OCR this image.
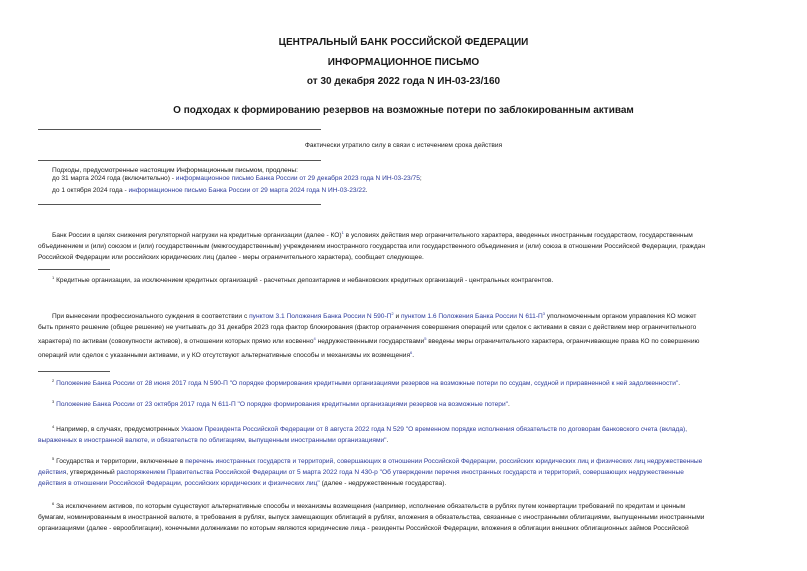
ЦЕНТРАЛЬНЫЙ БАНК РОССИЙСКОЙ ФЕДЕРАЦИИ
ИНФОРМАЦИОННОЕ ПИСЬМО
от 30 декабря 2022 года N ИН-03-23/160
О подходах к формированию резервов на возможные потери по заблокированным активам
Фактически утратило силу в связи с истечением срока действия
Подходы, предусмотренные настоящим Информационным письмом, продлены:
до 31 марта 2024 года (включительно) - информационное письмо Банка России от 29 декабря 2023 года N ИН-03-23/75;
до 1 октября 2024 года - информационное письмо Банка России от 29 марта 2024 года N ИН-03-23/22.
Банк России в целях снижения регуляторной нагрузки на кредитные организации (далее - КО)$^1$ в условиях действия мер ограничительного характера, введенных иностранным государством, государственным
объединением и (или) союзом и (или) государственным (межгосударственным) учреждением иностранного государства или государственного объединения и (или) союза в отношении Российской Федерации, граждан
Российской Федерации или российских юридических лиц (далее - меры ограничительного характера), сообщает следующее.
$^1$ Кредитные организации, за исключением кредитных организаций - расчетных депозитариев и небанковских кредитных организаций - центральных контрагентов.
При вынесении профессионального суждения в соответствии с пунктом 3.1 Положения Банка России N $590-П^2$ и пунктом 1.6 Положения Банка России N $611-П^3$ уполномоченным органом управления КО может
быть принято решение (общее решение) не учитывать до 31 декабря 2023 года фактор блокирования (фактор ограничения совершения операций или сделок с активами в связи с действием мер ограничительного
характера) по активам (совокупности активов), в отношении которых прямо или косвенно$^4$ недружественными государствами$^5$ введены меры ограничительного характера, ограничивающие права КО по совершению
операций или сделок с указанными активами, и у КО отсутствуют альтернативные способы и механизмы их возмещения$^6$.
$^2$ Положение Банка России от 28 июня 2017 года N 590-П "О порядке формирования кредитными организациями резервов на возможные потери по ссудам, ссудной и приравненной к ней задолженности".
$^3$ Положение Банка России от 23 октября 2017 года N 611-П "О порядке формирования кредитными организациями резервов на возможные потери".
$^4$ Например, в случаях, предусмотренных Указом Президента Российской Федерации от 8 августа 2022 года N 529 "О временном порядке исполнения обязательств по договорам банковского счета (вклада),
выраженных в иностранной валюте, и обязательств по облигациям, выпущенным иностранными организациями".
$^5$ Государства и территории, включенные в перечень иностранных государств и территорий, совершающих в отношении Российской Федерации, российских юридических лиц и физических лиц недружественные
действия, утвержденный распоряжением Правительства Российской Федерации от 5 марта 2022 года N 430-р "Об утверждении перечня иностранных государств и территорий, совершающих недружественные
действия в отношении Российской Федерации, российских юридических и физических лиц" (далее - недружественные государства).
$^6$ За исключением активов, по которым существуют альтернативные способы и механизмы возмещения (например, исполнение обязательств в рублях путем конвертации требований по кредитам и ценным
бумагам, номинированным в иностранной валюте, в требования в рублях, выпуск замещающих облигаций в рублях, вложения в обязательства, связанные с иностранными облигациями, выпущенными иностранными
организациями (далее - еврооблигации), конечными должниками по которым являются юридические лица - резиденты Российской Федерации, вложения в облигации внешних облигационных займов Российской
